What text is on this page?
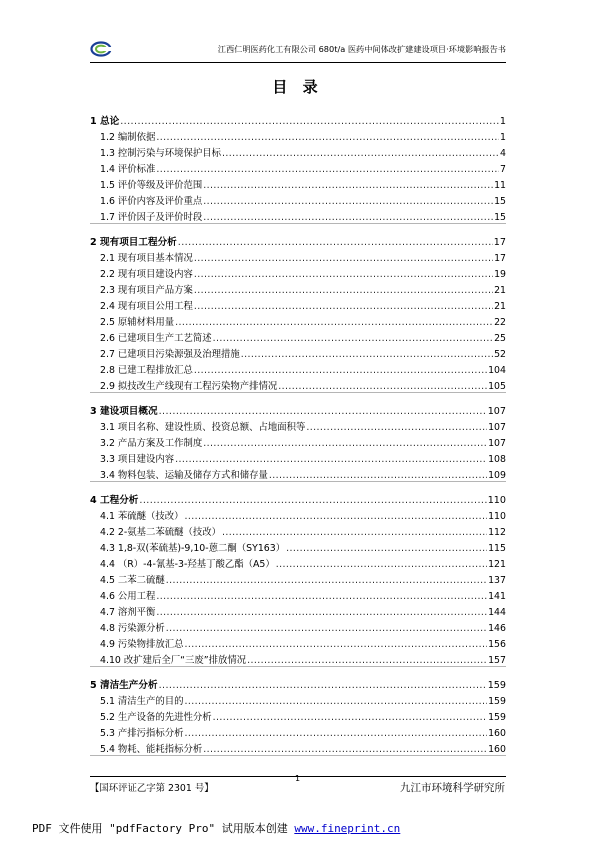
江西仁明医药化工有限公司 680t/a 医药中间体改扩建建设项目·环境影响报告书
目 录
1 总论 .....	1
1.2 编制依据 .....	1
1.3 控制污染与环境保护目标 .....	4
1.4 评价标准 .....	7
1.5 评价等级及评价范围 .....	11
1.6 评价内容及评价重点 .....	15
1.7 评价因子及评价时段 .....	15
2 现有项目工程分析 .....	17
2.1 现有项目基本情况 .....	17
2.2 现有项目建设内容 .....	19
2.3 现有项目产品方案 .....	21
2.4 现有项目公用工程 .....	21
2.5 原辅材料用量 .....	22
2.6 已建项目生产工艺简述 .....	25
2.7 已建项目污染源强及治理措施 .....	52
2.8 已建工程排放汇总 .....	104
2.9 拟技改生产线现有工程污染物产排情况 .....	105
3 建设项目概况 .....	107
3.1 项目名称、建设性质、投资总额、占地面积等 .....	107
3.2 产品方案及工作制度 .....	107
3.3 项目建设内容 .....	108
3.4 物料包装、运输及储存方式和储存量 .....	109
4 工程分析 .....	110
4.1 苯硫醚（技改） .....	110
4.2 2-氨基二苯硫醚（技改） .....	112
4.3 1,8-双(苯硫基)-9,10-蒽二酮（SY163） .....	115
4.4 （R）-4-氰基-3-羟基丁酸乙酯（A5） .....	121
4.5 二苯二硫醚 .....	137
4.6 公用工程 .....	141
4.7 溶剂平衡 .....	144
4.8 污染源分析 .....	146
4.9 污染物排放汇总 .....	156
4.10 改扩建后全厂“三废”排放情况 .....	157
5 清洁生产分析 .....	159
5.1 清洁生产的目的 .....	159
5.2 生产设备的先进性分析 .....	159
5.3 产排污指标分析 .....	160
5.4 物耗、能耗指标分析 .....	160
【国环评证乙字第 2301 号】
1
九江市环境科学研究所
PDF 文件使用 "pdfFactory Pro" 试用版本创建 www.fineprint.cn
